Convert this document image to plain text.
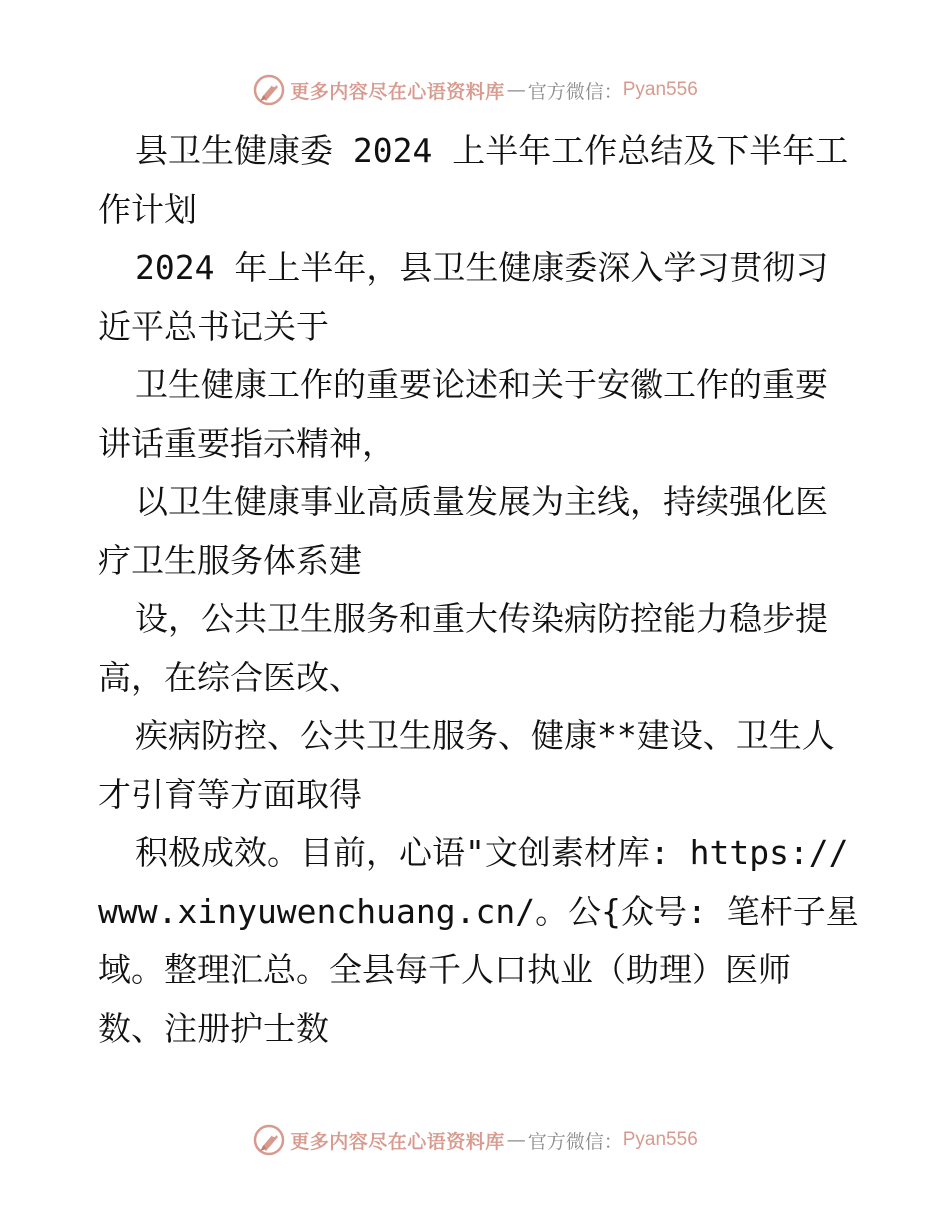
更多内容尽在心语资料库 — 官方微信： Pyan556
县卫生健康委 2024 上半年工作总结及下半年工
作计划
2024 年上半年，县卫生健康委深入学习贯彻习
近平总书记关于
卫生健康工作的重要论述和关于安徽工作的重要
讲话重要指示精神，
以卫生健康事业高质量发展为主线，持续强化医
疗卫生服务体系建
设，公共卫生服务和重大传染病防控能力稳步提
高，在综合医改、
疾病防控、公共卫生服务、健康**建设、卫生人
才引育等方面取得
积极成效。目前，心语"文创素材库: https://
www.xinyuwenchuang.cn/。公{众号: 笔杆子星
域。整理汇总。全县每千人口执业（助理）医师
数、注册护士数
更多内容尽在心语资料库 — 官方微信： Pyan556
